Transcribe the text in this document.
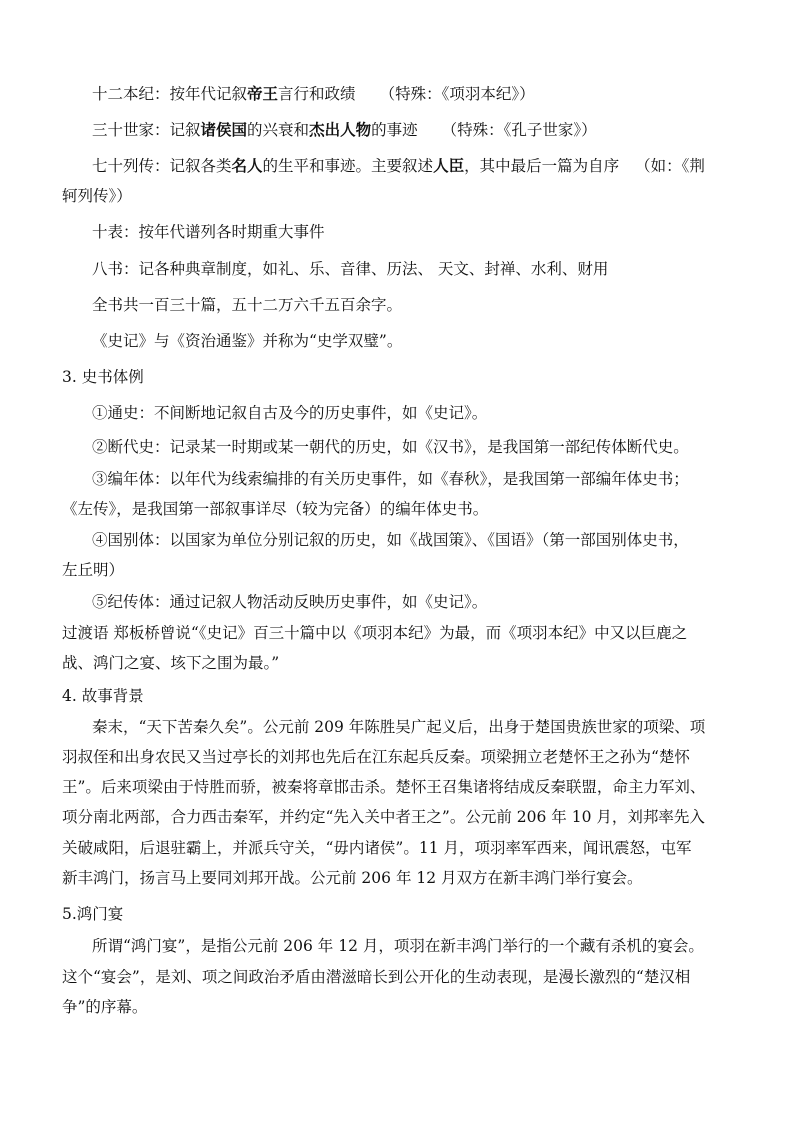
十二本纪：按年代记叙帝王言行和政绩 （特殊：《项羽本纪》）
三十世家：记叙诸侯国的兴衰和杰出人物的事迹 （特殊：《孔子世家》）
七十列传：记叙各类名人的生平和事迹。主要叙述人臣，其中最后一篇为自序 （如：《荆
轲列传》）
十表：按年代谱列各时期重大事件
八书：记各种典章制度，如礼、乐、音律、历法、 天文、封禅、水利、财用
全书共一百三十篇，五十二万六千五百余字。
《史记》与《资治通鉴》并称为“史学双璧”。
3. 史书体例
①通史：不间断地记叙自古及今的历史事件，如《史记》。
②断代史：记录某一时期或某一朝代的历史，如《汉书》，是我国第一部纪传体断代史。
③编年体：以年代为线索编排的有关历史事件，如《春秋》，是我国第一部编年体史书；
《左传》，是我国第一部叙事详尽（较为完备）的编年体史书。
④国别体：以国家为单位分别记叙的历史，如《战国策》、《国语》（第一部国别体史书，
左丘明）
⑤纪传体：通过记叙人物活动反映历史事件，如《史记》。
过渡语 郑板桥曾说“《史记》百三十篇中以《项羽本纪》为最，而《项羽本纪》中又以巨鹿之
战、鸿门之宴、垓下之围为最。”
4. 故事背景
秦末，“天下苦秦久矣”。公元前 209 年陈胜吴广起义后，出身于楚国贵族世家的项梁、项
羽叔侄和出身农民又当过亭长的刘邦也先后在江东起兵反秦。项梁拥立老楚怀王之孙为“楚怀
王”。后来项梁由于恃胜而骄，被秦将章邯击杀。楚怀王召集诸将结成反秦联盟，命主力军刘、
项分南北两部，合力西击秦军，并约定“先入关中者王之”。公元前 206 年 10 月，刘邦率先入
关破咸阳，后退驻霸上，并派兵守关，“毋内诸侯”。11 月，项羽率军西来，闻讯震怒，屯军
新丰鸿门，扬言马上要同刘邦开战。公元前 206 年 12 月双方在新丰鸿门举行宴会。
5.鸿门宴
所谓“鸿门宴”，是指公元前 206 年 12 月，项羽在新丰鸿门举行的一个藏有杀机的宴会。
这个“宴会”，是刘、项之间政治矛盾由潜滋暗长到公开化的生动表现，是漫长激烈的“楚汉相
争”的序幕。
